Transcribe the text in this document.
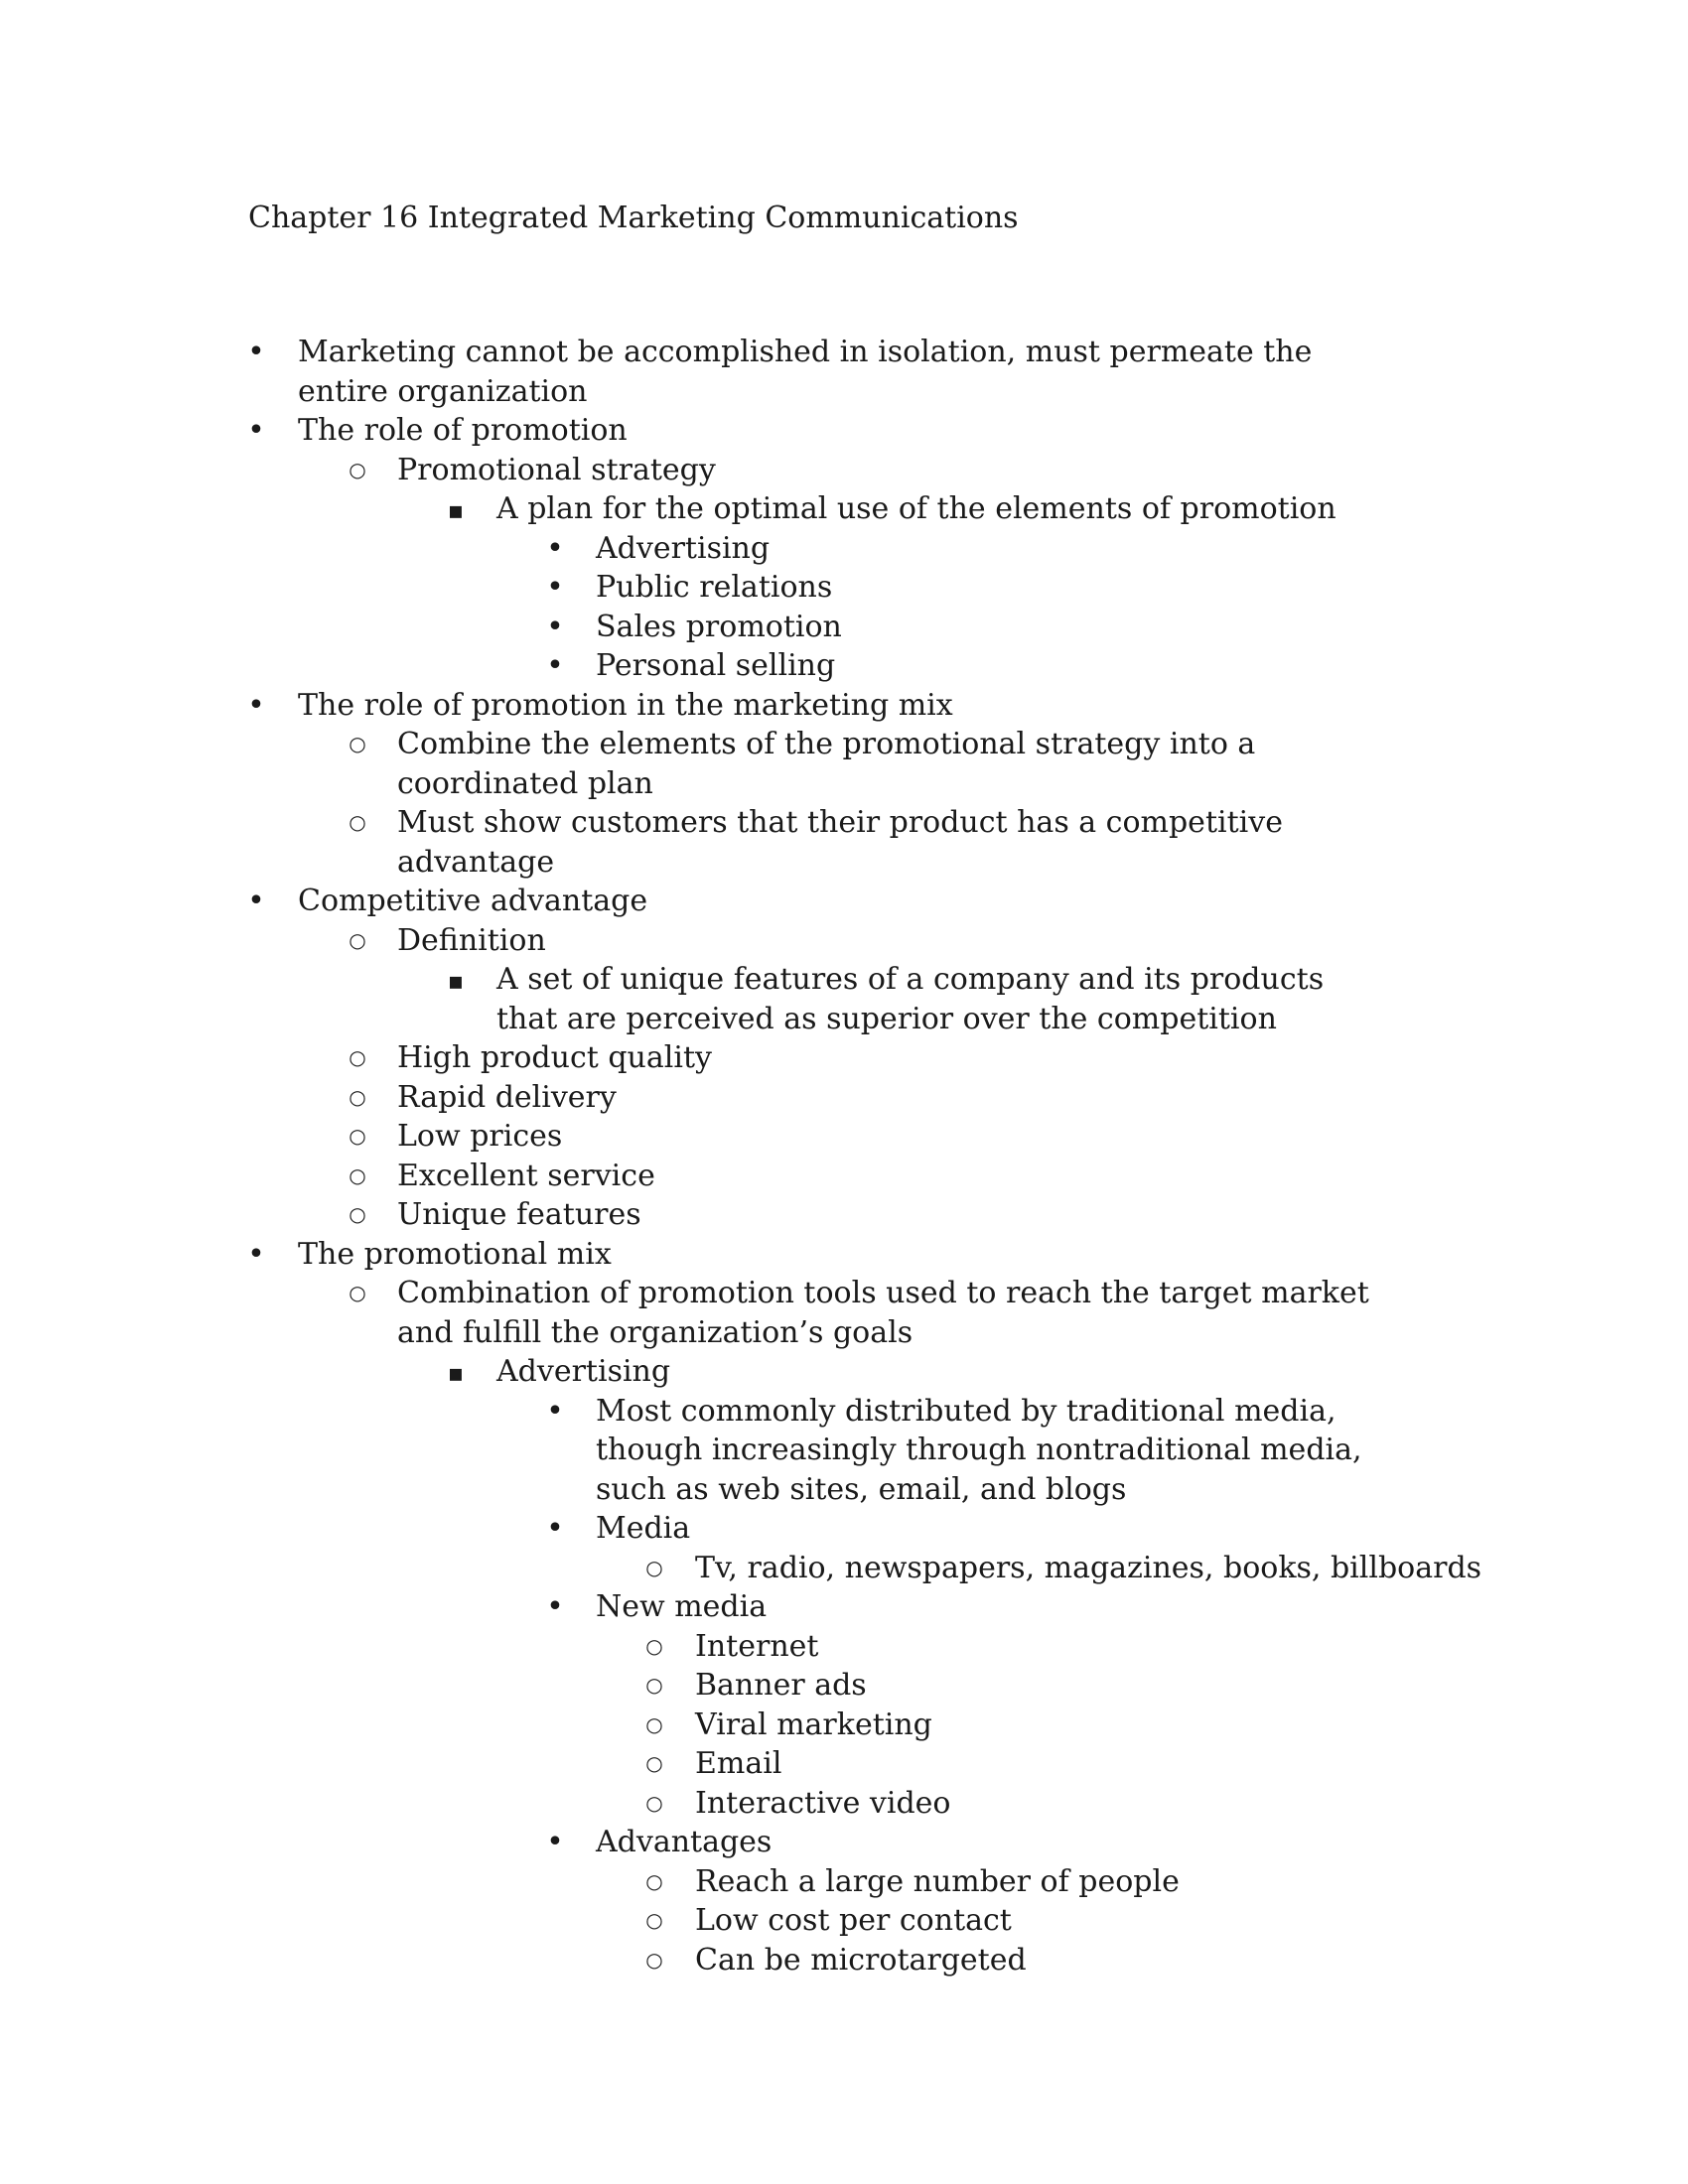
Chapter 16 Integrated Marketing Communications
•
Marketing cannot be accomplished in isolation, must permeate the entire organization
•
The role of promotion
○
Promotional strategy
▪
A plan for the optimal use of the elements of promotion
•
Advertising
•
Public relations
•
Sales promotion
•
Personal selling
•
The role of promotion in the marketing mix
○
Combine the elements of the promotional strategy into a coordinated plan
○
Must show customers that their product has a competitive advantage
•
Competitive advantage
○
Definition
▪
A set of unique features of a company and its products that are perceived as superior over the competition
○
High product quality
○
Rapid delivery
○
Low prices
○
Excellent service
○
Unique features
•
The promotional mix
○
Combination of promotion tools used to reach the target market and fulfill the organization’s goals
▪
Advertising
•
Most commonly distributed by traditional media, though increasingly through nontraditional media, such as web sites, email, and blogs
•
Media
○
Tv, radio, newspapers, magazines, books, billboards
•
New media
○
Internet
○
Banner ads
○
Viral marketing
○
Email
○
Interactive video
•
Advantages
○
Reach a large number of people
○
Low cost per contact
○
Can be microtargeted
